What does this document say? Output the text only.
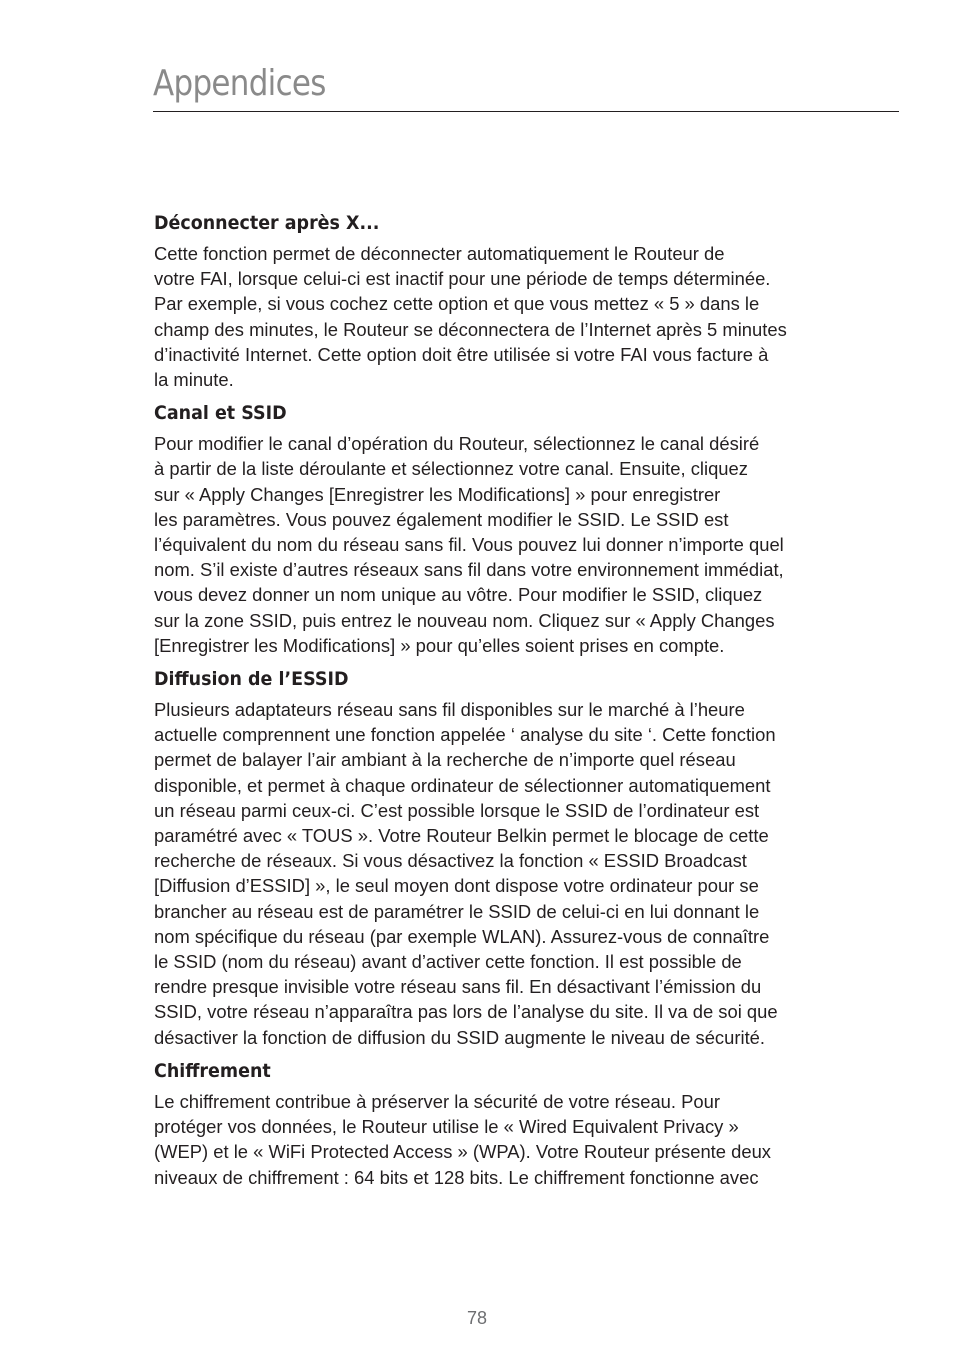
Appendices
Déconnecter après X...

Cette fonction permet de déconnecter automatiquement le Routeur de
votre FAI, lorsque celui-ci est inactif pour une période de temps déterminée.
Par exemple, si vous cochez cette option et que vous mettez « 5 » dans le
champ des minutes, le Routeur se déconnectera de l’Internet après 5 minutes
d’inactivité Internet. Cette option doit être utilisée si votre FAI vous facture à
la minute.

Canal et SSID

Pour modifier le canal d’opération du Routeur, sélectionnez le canal désiré
à partir de la liste déroulante et sélectionnez votre canal. Ensuite, cliquez
sur « Apply Changes [Enregistrer les Modifications] » pour enregistrer
les paramètres. Vous pouvez également modifier le SSID. Le SSID est
l’équivalent du nom du réseau sans fil. Vous pouvez lui donner n’importe quel
nom. S’il existe d’autres réseaux sans fil dans votre environnement immédiat,
vous devez donner un nom unique au vôtre. Pour modifier le SSID, cliquez
sur la zone SSID, puis entrez le nouveau nom. Cliquez sur « Apply Changes
[Enregistrer les Modifications] » pour qu’elles soient prises en compte.

Diffusion de l’ESSID

Plusieurs adaptateurs réseau sans fil disponibles sur le marché à l’heure
actuelle comprennent une fonction appelée ‘ analyse du site ‘. Cette fonction
permet de balayer l’air ambiant à la recherche de n’importe quel réseau
disponible, et permet à chaque ordinateur de sélectionner automatiquement
un réseau parmi ceux-ci. C’est possible lorsque le SSID de l’ordinateur est
paramétré avec « TOUS ». Votre Routeur Belkin permet le blocage de cette
recherche de réseaux. Si vous désactivez la fonction « ESSID Broadcast
[Diffusion d’ESSID] », le seul moyen dont dispose votre ordinateur pour se
brancher au réseau est de paramétrer le SSID de celui-ci en lui donnant le
nom spécifique du réseau (par exemple WLAN). Assurez-vous de connaître
le SSID (nom du réseau) avant d’activer cette fonction. Il est possible de
rendre presque invisible votre réseau sans fil. En désactivant l’émission du
SSID, votre réseau n’apparaîtra pas lors de l’analyse du site. Il va de soi que
désactiver la fonction de diffusion du SSID augmente le niveau de sécurité.

Chiffrement

Le chiffrement contribue à préserver la sécurité de votre réseau. Pour
protéger vos données, le Routeur utilise le « Wired Equivalent Privacy »
(WEP) et le « WiFi Protected Access » (WPA). Votre Routeur présente deux
niveaux de chiffrement : 64 bits et 128 bits. Le chiffrement fonctionne avec

78
